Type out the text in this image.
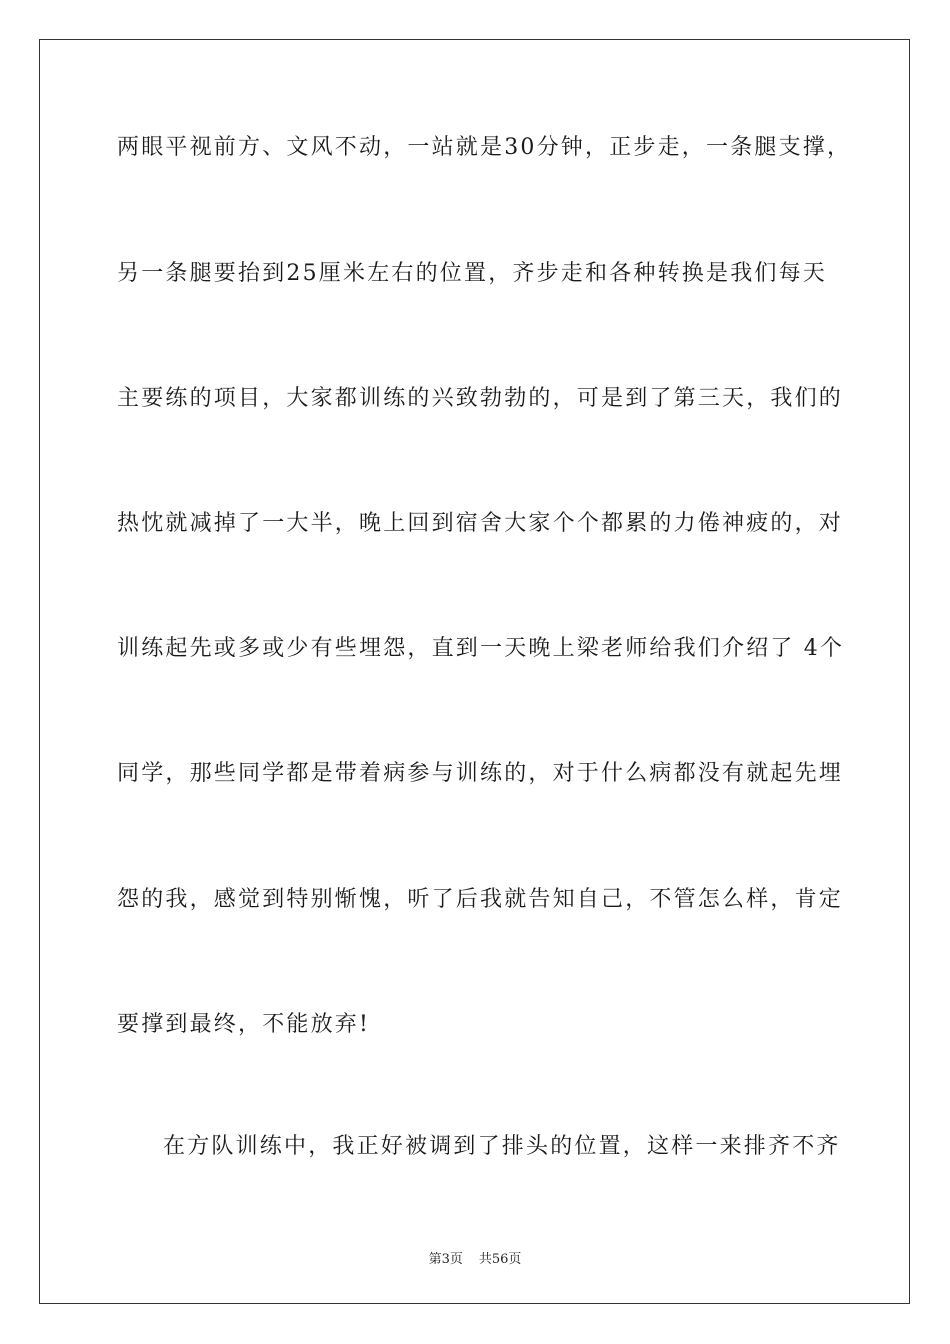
两眼平视前方、文风不动，一站就是30分钟，正步走，一条腿支撑，
另一条腿要抬到25厘米左右的位置，齐步走和各种转换是我们每天
主要练的项目，大家都训练的兴致勃勃的，可是到了第三天，我们的
热忱就减掉了一大半，晚上回到宿舍大家个个都累的力倦神疲的，对
训练起先或多或少有些埋怨，直到一天晚上梁老师给我们介绍了 4个
同学，那些同学都是带着病参与训练的，对于什么病都没有就起先埋
怨的我，感觉到特别惭愧，听了后我就告知自己，不管怎么样，肯定
要撑到最终，不能放弃!
在方队训练中，我正好被调到了排头的位置，这样一来排齐不齐
第3页 共56页
